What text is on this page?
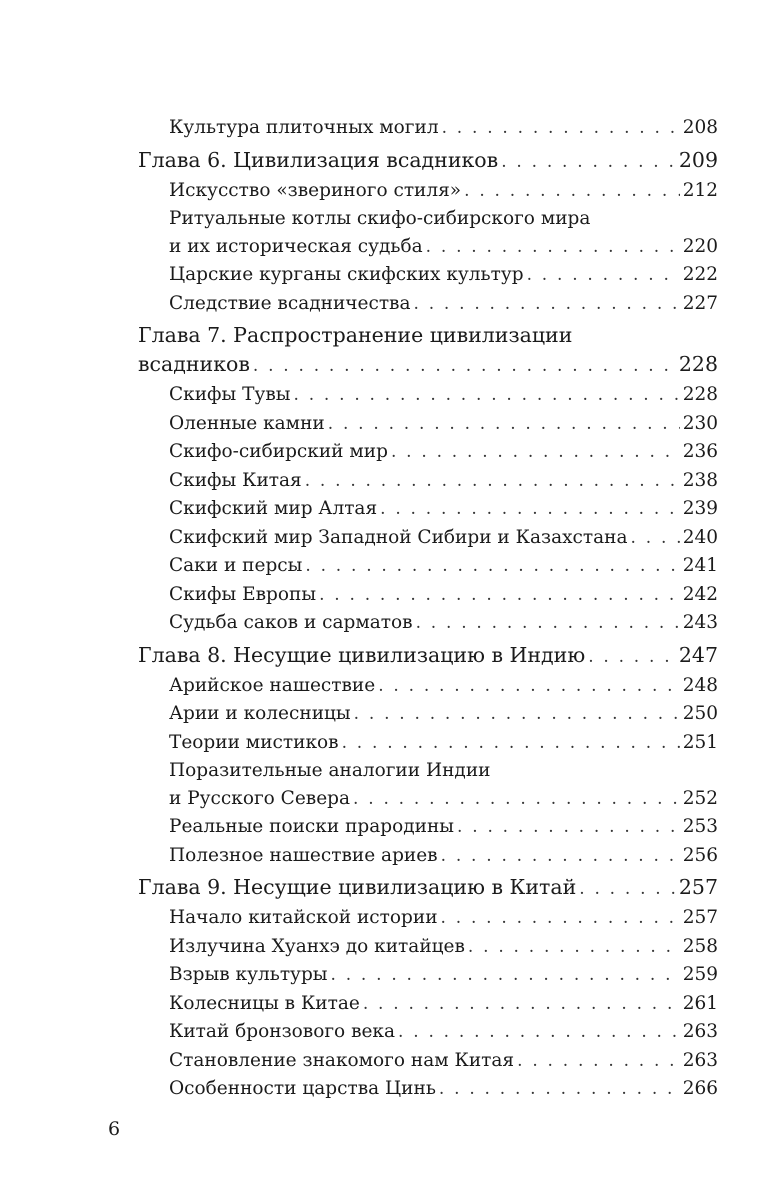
Культура плиточных могил . . .	208
Глава 6. Цивилизация всадников . . .	209
Искусство «звериного стиля» . . .	212
Ритуальные котлы скифо-сибирского мира
и их историческая судьба . . .	220
Царские курганы скифских культур . . .	222
Следствие всадничества . . .	227
Глава 7. Распространение цивилизации
всадников . . .	228
Скифы Тувы . . .	228
Оленные камни . . .	230
Скифо-сибирский мир . . .	236
Скифы Китая . . .	238
Скифский мир Алтая . . .	239
Скифский мир Западной Сибири и Казахстана . . .	240
Саки и персы . . .	241
Скифы Европы . . .	242
Судьба саков и сарматов . . .	243
Глава 8. Несущие цивилизацию в Индию . . .	247
Арийское нашествие . . .	248
Арии и колесницы . . .	250
Теории мистиков . . .	251
Поразительные аналогии Индии
и Русского Севера . . .	252
Реальные поиски прародины . . .	253
Полезное нашествие ариев . . .	256
Глава 9. Несущие цивилизацию в Китай . . .	257
Начало китайской истории . . .	257
Излучина Хуанхэ до китайцев . . .	258
Взрыв культуры . . .	259
Колесницы в Китае . . .	261
Китай бронзового века . . .	263
Становление знакомого нам Китая . . .	263
Особенности царства Цинь . . .	266
6
